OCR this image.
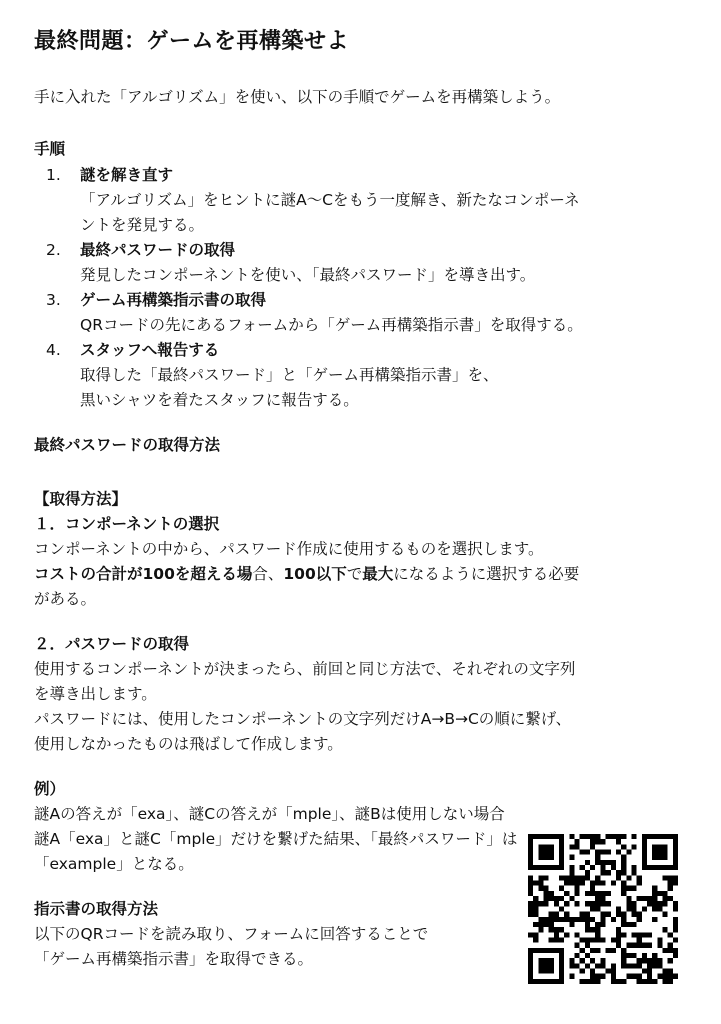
最終問題：ゲームを再構築せよ
手に入れた「アルゴリズム」を使い、以下の手順でゲームを再構築しよう。
手順
1. 謎を解き直す
「アルゴリズム」をヒントに謎A〜Cをもう一度解き、新たなコンポーネ
ントを発見する。
2. 最終パスワードの取得
発見したコンポーネントを使い、「最終パスワード」を導き出す。
3. ゲーム再構築指示書の取得
QRコードの先にあるフォームから「ゲーム再構築指示書」を取得する。
4. スタッフへ報告する
取得した「最終パスワード」と「ゲーム再構築指示書」を、
黒いシャツを着たスタッフに報告する。
最終パスワードの取得方法
【取得方法】
１．コンポーネントの選択
コンポーネントの中から、パスワード作成に使用するものを選択します。
コストの合計が100を超える場合、100以下で最大になるように選択する必要
がある。
２．パスワードの取得
使用するコンポーネントが決まったら、前回と同じ方法で、それぞれの文字列
を導き出します。
パスワードには、使用したコンポーネントの文字列だけA→B→Cの順に繋げ、
使用しなかったものは飛ばして作成します。
例）
謎Aの答えが「exa」、謎Cの答えが「mple」、謎Bは使用しない場合
謎A「exa」と謎C「mple」だけを繋げた結果、「最終パスワード」は
「example」となる。
指示書の取得方法
以下のQRコードを読み取り、フォームに回答することで
「ゲーム再構築指示書」を取得できる。
